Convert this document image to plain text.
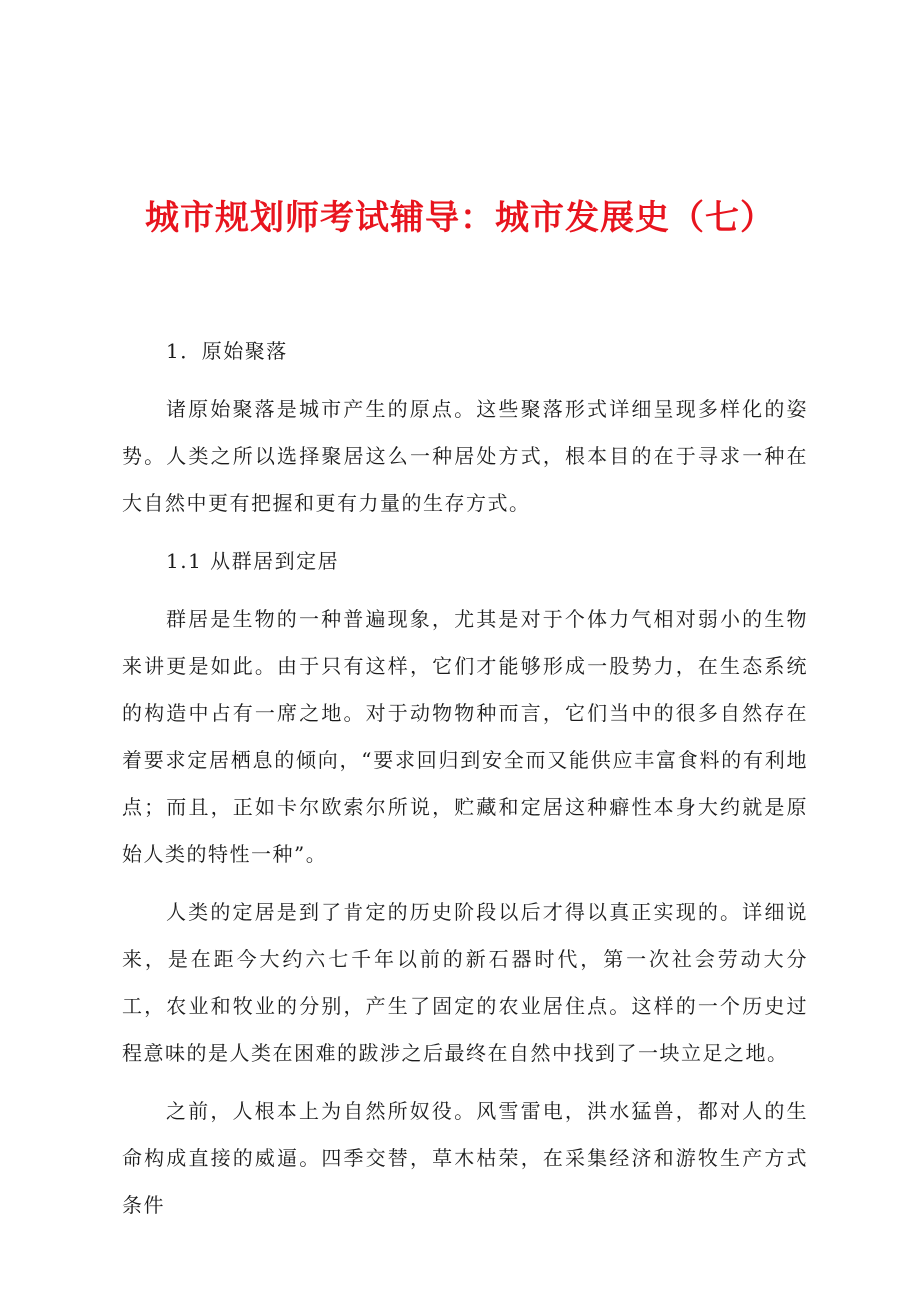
城市规划师考试辅导：城市发展史（七）

1．原始聚落

诸原始聚落是城市产生的原点。这些聚落形式详细呈现多样化的姿势。人类之所以选择聚居这么一种居处方式，根本目的在于寻求一种在大自然中更有把握和更有力量的生存方式。

1.1 从群居到定居

群居是生物的一种普遍现象，尤其是对于个体力气相对弱小的生物来讲更是如此。由于只有这样，它们才能够形成一股势力，在生态系统的构造中占有一席之地。对于动物物种而言，它们当中的很多自然存在着要求定居栖息的倾向，“要求回归到安全而又能供应丰富食料的有利地点；而且，正如卡尔欧索尔所说，贮藏和定居这种癖性本身大约就是原始人类的特性一种”。

人类的定居是到了肯定的历史阶段以后才得以真正实现的。详细说来，是在距今大约六七千年以前的新石器时代，第一次社会劳动大分工，农业和牧业的分别，产生了固定的农业居住点。这样的一个历史过程意味的是人类在困难的跋涉之后最终在自然中找到了一块立足之地。

之前，人根本上为自然所奴役。风雪雷电，洪水猛兽，都对人的生命构成直接的威逼。四季交替，草木枯荣，在采集经济和游牧生产方式条件
